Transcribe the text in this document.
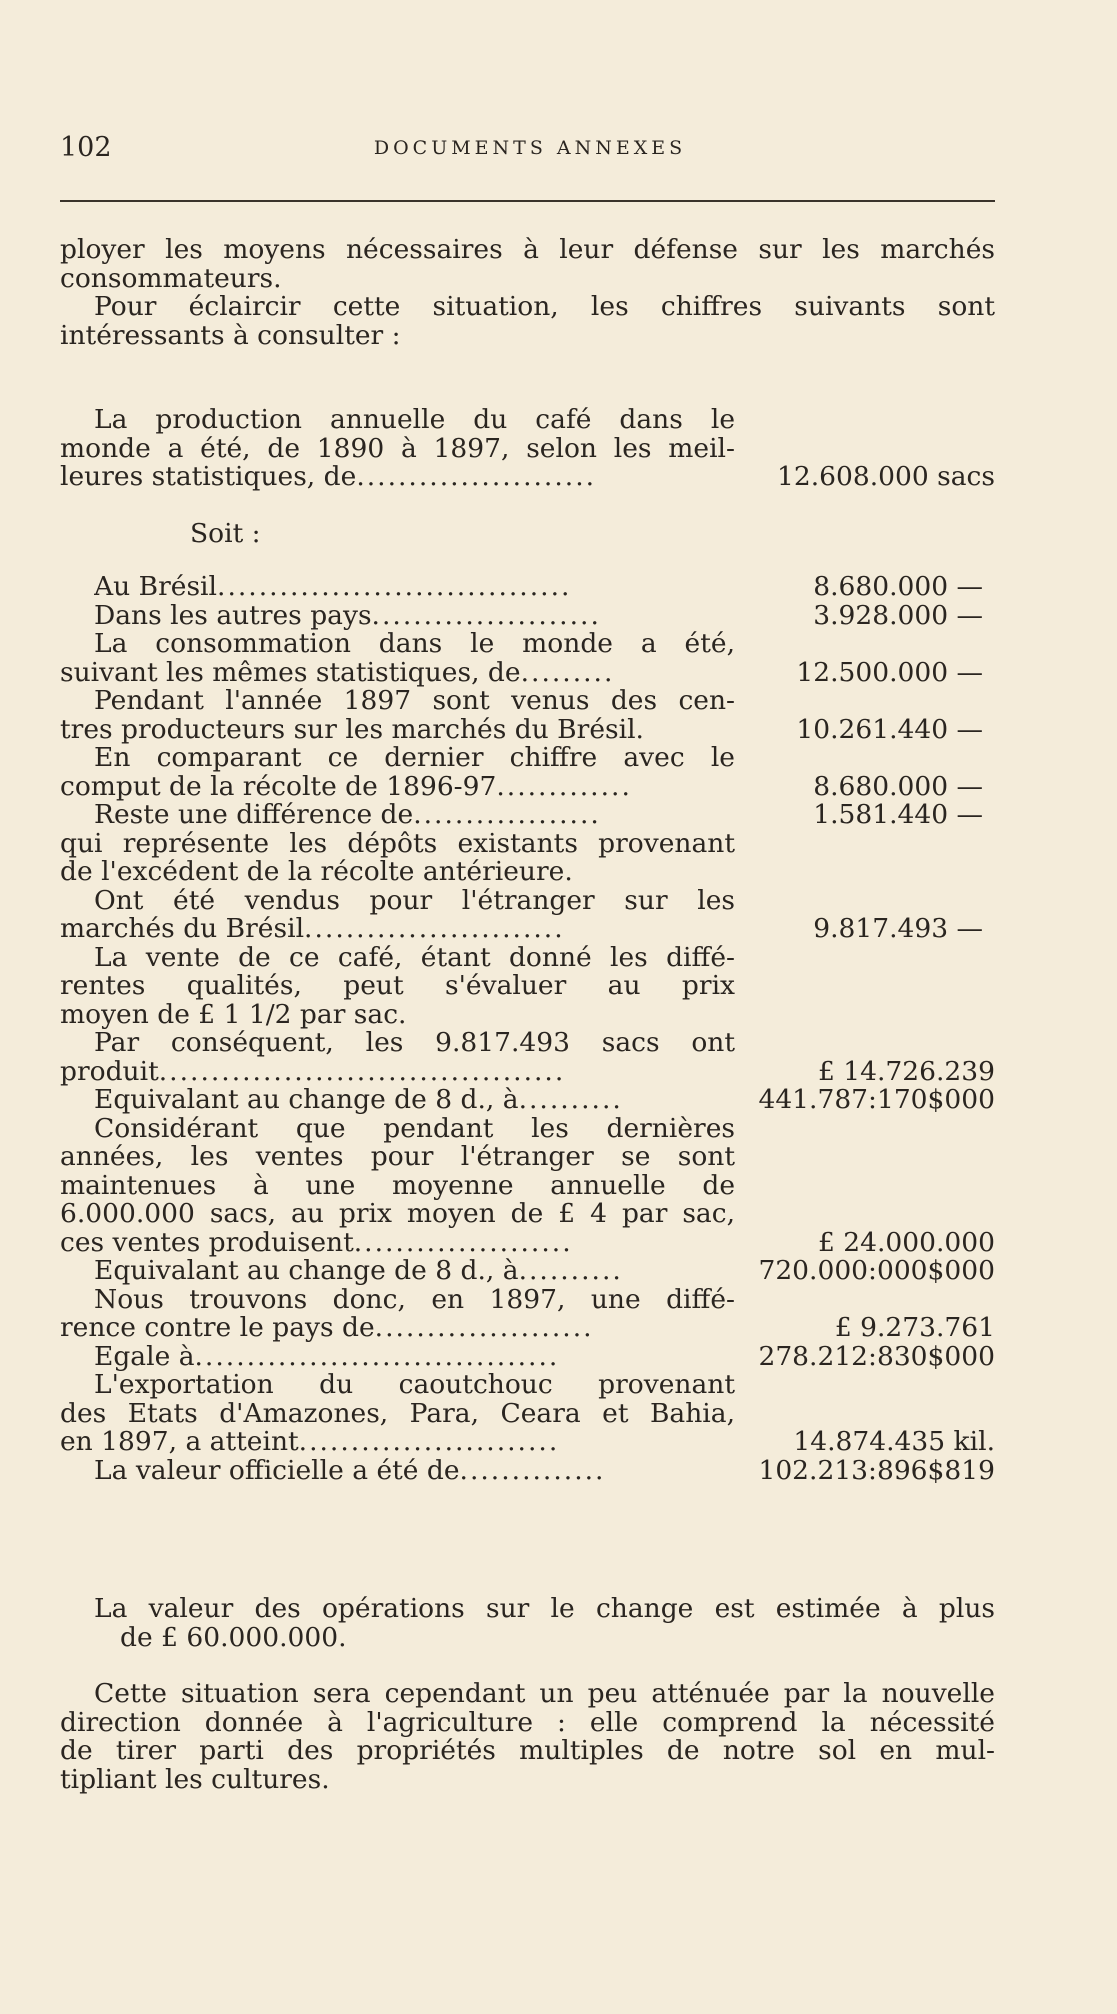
102	DOCUMENTS ANNEXES
ployer les moyens nécessaires à leur défense sur les marchés
consommateurs.
Pour éclaircir cette situation, les chiffres suivants sont
intéressants à consulter :
La production annuelle du café dans le
monde a été, de 1890 à 1897, selon les meil-
leures statistiques, de.......................	12.608.000 sacs
Soit :
Au Brésil..................................	8.680.000 —
Dans les autres pays......................	3.928.000 —
La consommation dans le monde a été,
suivant les mêmes statistiques, de.........	12.500.000 —
Pendant l'année 1897 sont venus des cen-
tres producteurs sur les marchés du Brésil.	10.261.440 —
En comparant ce dernier chiffre avec le
comput de la récolte de 1896-97.............	8.680.000 —
Reste une différence de..................	1.581.440 —
qui représente les dépôts existants provenant
de l'excédent de la récolte antérieure.
Ont été vendus pour l'étranger sur les
marchés du Brésil.........................	9.817.493 —
La vente de ce café, étant donné les diffé-
rentes qualités, peut s'évaluer au prix
moyen de £ 1 1/2 par sac.
Par conséquent, les 9.817.493 sacs ont
produit.......................................	£ 14.726.239
Equivalant au change de 8 d., à..........	441.787:170$000
Considérant que pendant les dernières
années, les ventes pour l'étranger se sont
maintenues à une moyenne annuelle de
6.000.000 sacs, au prix moyen de £ 4 par sac,
ces ventes produisent.....................	£ 24.000.000
Equivalant au change de 8 d., à..........	720.000:000$000
Nous trouvons donc, en 1897, une diffé-
rence contre le pays de.....................	£ 9.273.761
Egale à...................................	278.212:830$000
L'exportation du caoutchouc provenant
des Etats d'Amazones, Para, Ceara et Bahia,
en 1897, a atteint.........................	14.874.435 kil.
La valeur officielle a été de..............	102.213:896$819
La valeur des opérations sur le change est estimée à plus
de £ 60.000.000.
Cette situation sera cependant un peu atténuée par la nouvelle
direction donnée à l'agriculture : elle comprend la nécessité
de tirer parti des propriétés multiples de notre sol en mul-
tipliant les cultures.
